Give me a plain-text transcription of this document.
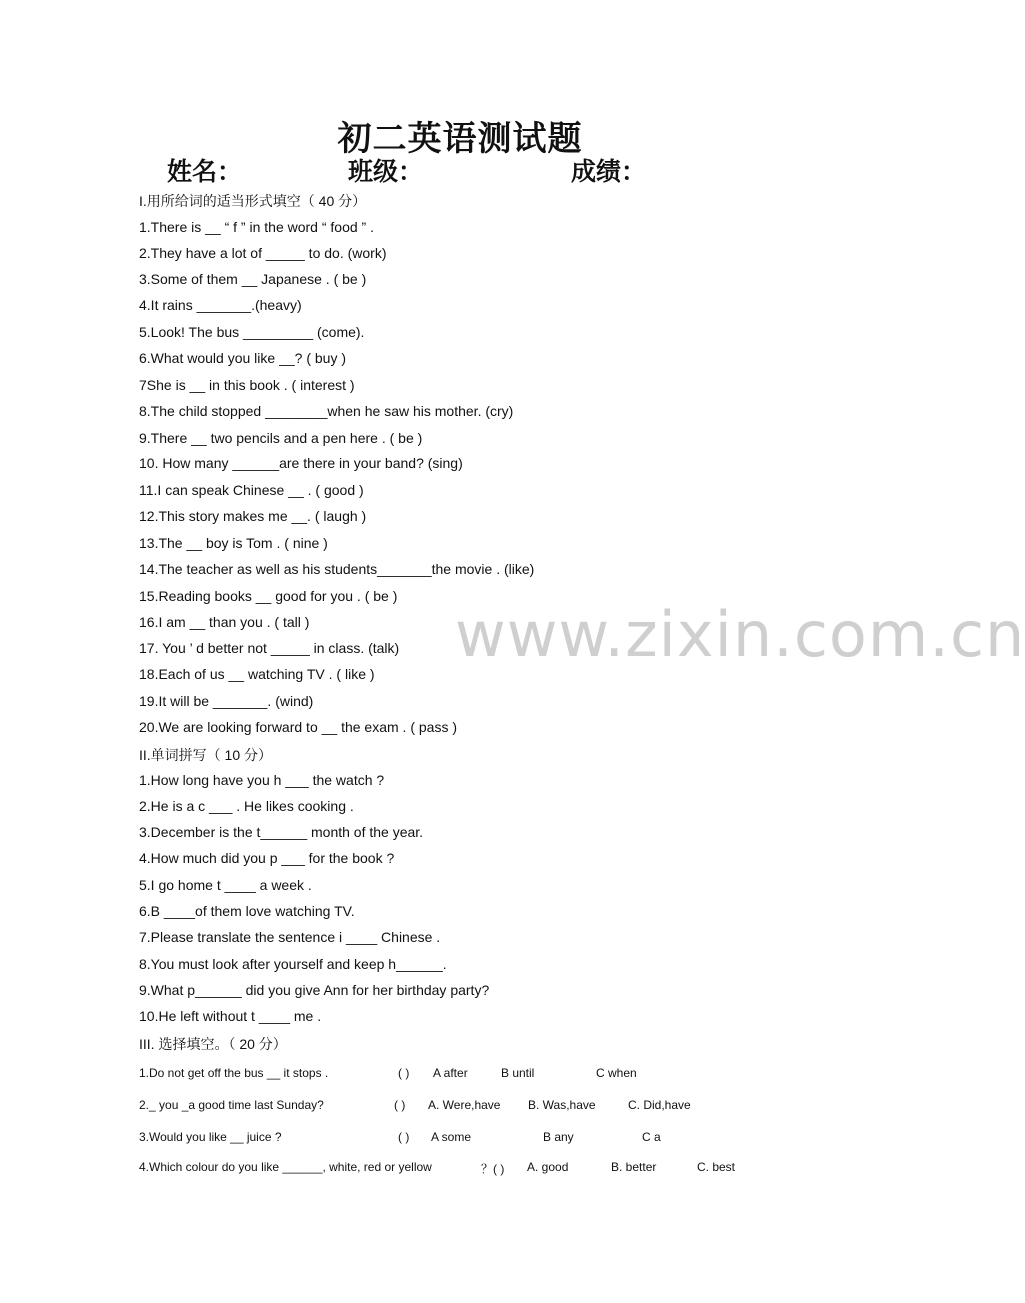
www.zixin.com.cn
初二英语测试题
姓名：	班级：	成绩：
I.用所给词的适当形式填空（ 40 分）
1.There is __ “ f ” in the word “ food ” .
2.They have a lot of _____ to do. (work)
3.Some of them __ Japanese . ( be )
4.It rains _______.(heavy)
5.Look! The bus _________ (come).
6.What would you like __? ( buy )
7She is __ in this book . ( interest )
8.The child stopped ________when he saw his mother. (cry)
9.There __ two pencils and a pen here . ( be )
10. How many ______are there in your band? (sing)
11.I can speak Chinese __ . ( good )
12.This story makes me __. ( laugh )
13.The __ boy is Tom . ( nine )
14.The teacher as well as his students_______the movie . (like)
15.Reading books __ good for you . ( be )
16.I am __ than you . ( tall )
17. You ’ d better not _____ in class. (talk)
18.Each of us __ watching TV . ( like )
19.It will be _______. (wind)
20.We are looking forward to __ the exam . ( pass )
II.单词拼写（ 10 分）
1.How long have you h ___ the watch ?
2.He is a c ___ . He likes cooking .
3.December is the t______ month of the year.
4.How much did you p ___ for the book ?
5.I go home t ____ a week .
6.B ____of them love watching TV.
7.Please translate the sentence i ____ Chinese .
8.You must look after yourself and keep h______.
9.What p______ did you give Ann for her birthday party?
10.He left without t ____ me .
III. 选择填空。（ 20 分）
1.Do not get off the bus __ it stops .	( ) A after	B until	C when
2._ you _a good time last Sunday?	( ) A. Were,have B. Was,have	C. Did,have
3.Would you like __ juice ?	( ) A some	B any	C a
4.Which colour do you like ______, white, red or yellow	？( ) A. good	B. better	C. best
